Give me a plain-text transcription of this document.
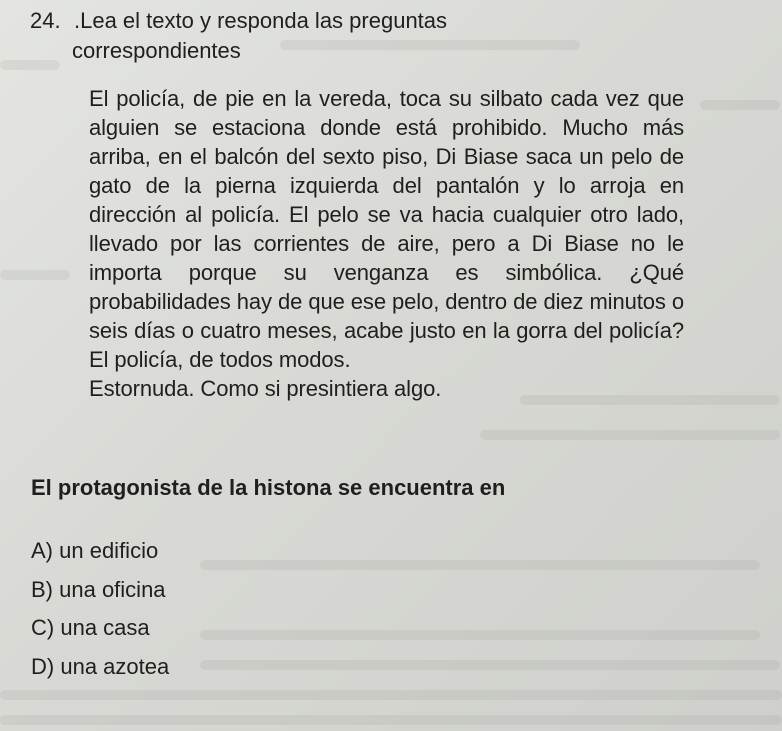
24. .Lea el texto y responda las preguntas
correspondientes

El policía, de pie en la vereda, toca su silbato cada vez que alguien se estaciona donde está prohibido. Mucho más arriba, en el balcón del sexto piso, Di Biase saca un pelo de gato de la pierna izquierda del pantalón y lo arroja en dirección al policía. El pelo se va hacia cualquier otro lado, llevado por las corrientes de aire, pero a Di Biase no le importa porque su venganza es simbólica. ¿Qué probabilidades hay de que ese pelo, dentro de diez minutos o seis días o cuatro meses, acabe justo en la gorra del policía? El policía, de todos modos.

Estornuda. Como si presintiera algo.

El protagonista de la histona se encuentra en
A) un edificio
B) una oficina
C) una casa
D) una azotea
